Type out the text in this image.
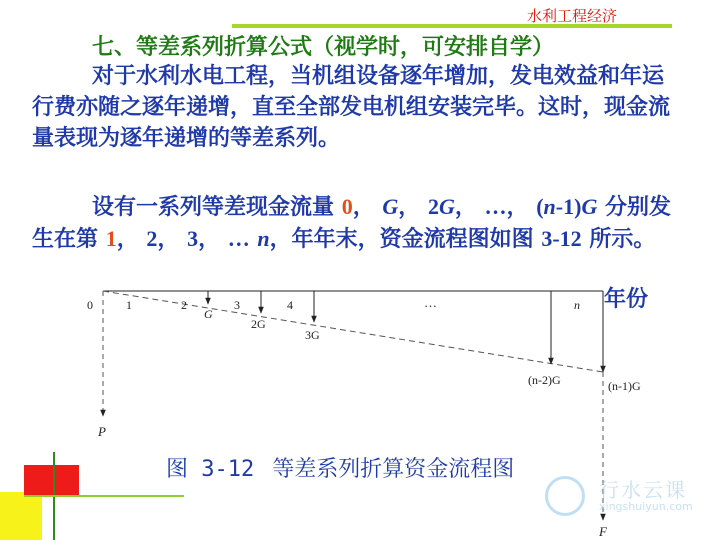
水利工程经济
七、等差系列折算公式（视学时，可安排自学）
对于水利水电工程，当机组设备逐年增加，发电效益和年运行费亦随之逐年递增，直至全部发电机组安装完毕。这时，现金流量表现为逐年递增的等差系列。
设有一系列等差现金流量 0， G， 2G， …， (n-1)G 分别发生在第 1， 2， 3， … n，年年末，资金流程图如图 3-12 所示。
年份
0	1	2	3	4	…	n
G
2G
3G
(n-2)G	(n-1)G
P
F
图 3-12 等差系列折算资金流程图
行水云课
xingshuiyun.com
